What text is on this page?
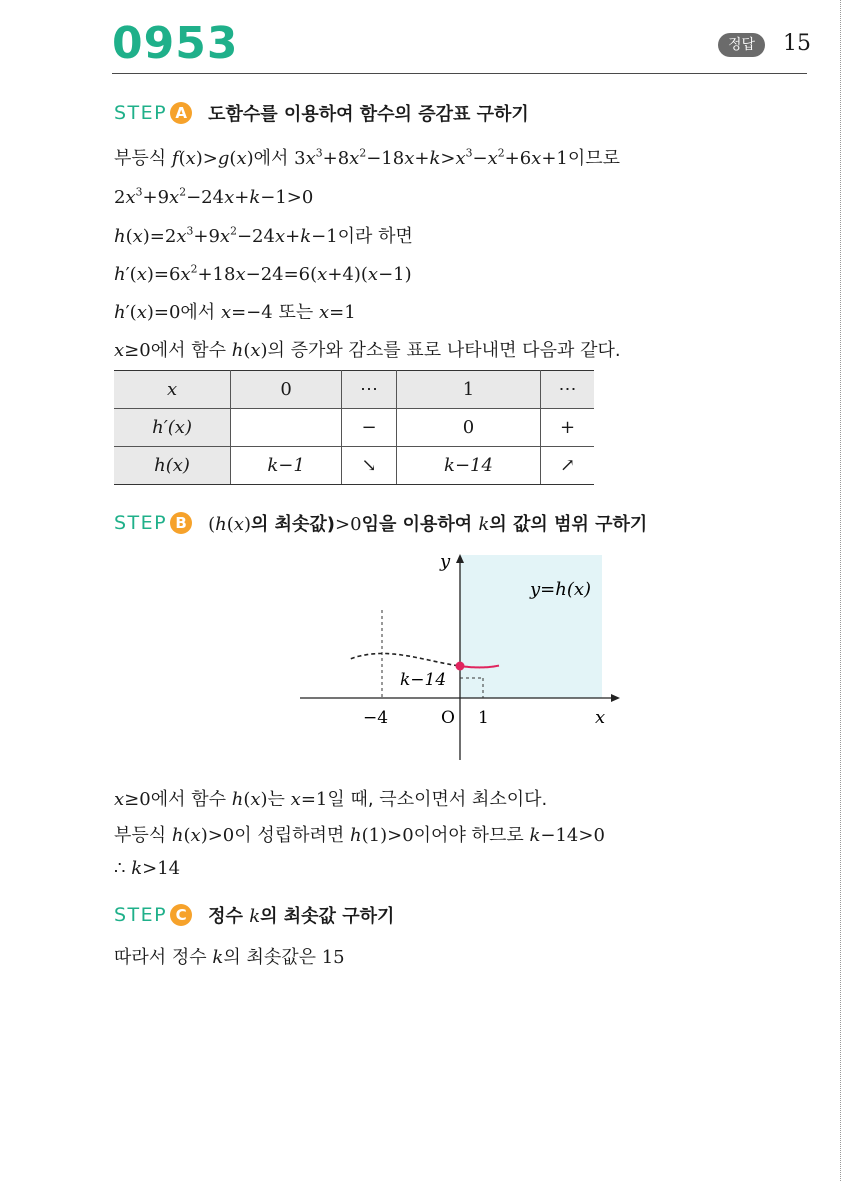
0953	정답	15
STEP A 도함수를 이용하여 함수의 증감표 구하기
부등식 f(x)>g(x)에서 $3x^3+8x^2-18x+k>x^3-x^2+6x+1$이므로
$2x^3+9x^2-24x+k-1>0$
$h(x)=2x^3+9x^2-24x+k-1$이라 하면
$h'(x)=6x^2+18x-24=6(x+4)(x-1)$
h′(x)=0에서 x=−4 또는 x=1
x≥0에서 함수 h(x)의 증가와 감소를 표로 나타내면 다음과 같다.
x	0	⋯	1	⋯
h′(x)		−	0	+
h(x)	k−1	↘	k−14	↗
STEP B (h(x)의 최솟값)>0임을 이용하여 k의 값의 범위 구하기
y
x
O
y=h(x)
k−14
−4	1
x≥0에서 함수 h(x)는 x=1일 때, 극소이면서 최소이다.
부등식 h(x)>0이 성립하려면 h(1)>0이어야 하므로 k−14>0
∴ k>14
STEP C	정수 k의 최솟값 구하기
따라서 정수 k의 최솟값은 15
